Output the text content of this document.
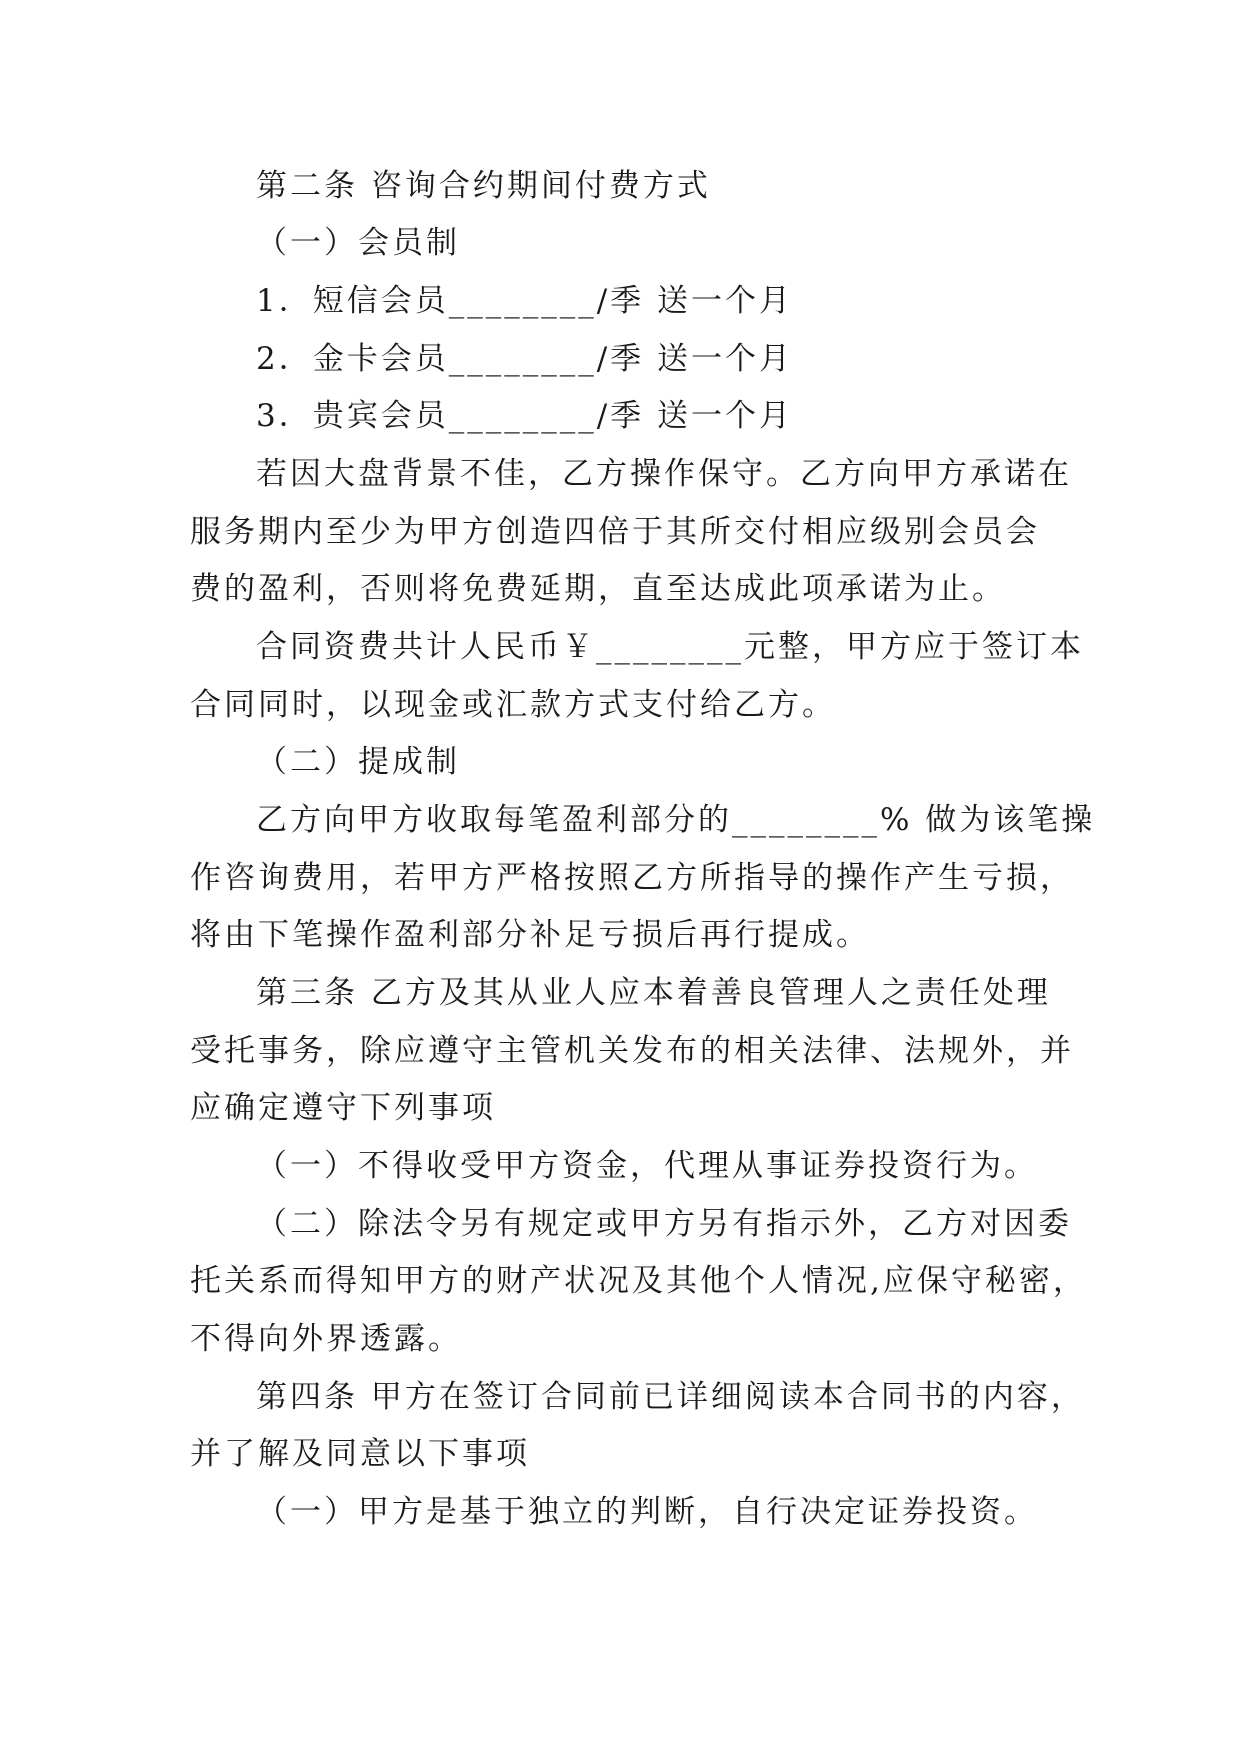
第二条 咨询合约期间付费方式
（一）会员制
1．短信会员________/季 送一个月
2．金卡会员________/季 送一个月
3．贵宾会员________/季 送一个月
若因大盘背景不佳，乙方操作保守。乙方向甲方承诺在
服务期内至少为甲方创造四倍于其所交付相应级别会员会
费的盈利，否则将免费延期，直至达成此项承诺为止。
合同资费共计人民币￥________元整，甲方应于签订本
合同同时，以现金或汇款方式支付给乙方。
（二）提成制
乙方向甲方收取每笔盈利部分的________% 做为该笔操
作咨询费用，若甲方严格按照乙方所指导的操作产生亏损，
将由下笔操作盈利部分补足亏损后再行提成。
第三条 乙方及其从业人应本着善良管理人之责任处理
受托事务，除应遵守主管机关发布的相关法律、法规外，并
应确定遵守下列事项
（一）不得收受甲方资金，代理从事证券投资行为。
（二）除法令另有规定或甲方另有指示外，乙方对因委
托关系而得知甲方的财产状况及其他个人情况,应保守秘密，
不得向外界透露。
第四条 甲方在签订合同前已详细阅读本合同书的内容，
并了解及同意以下事项
（一）甲方是基于独立的判断，自行决定证券投资。
